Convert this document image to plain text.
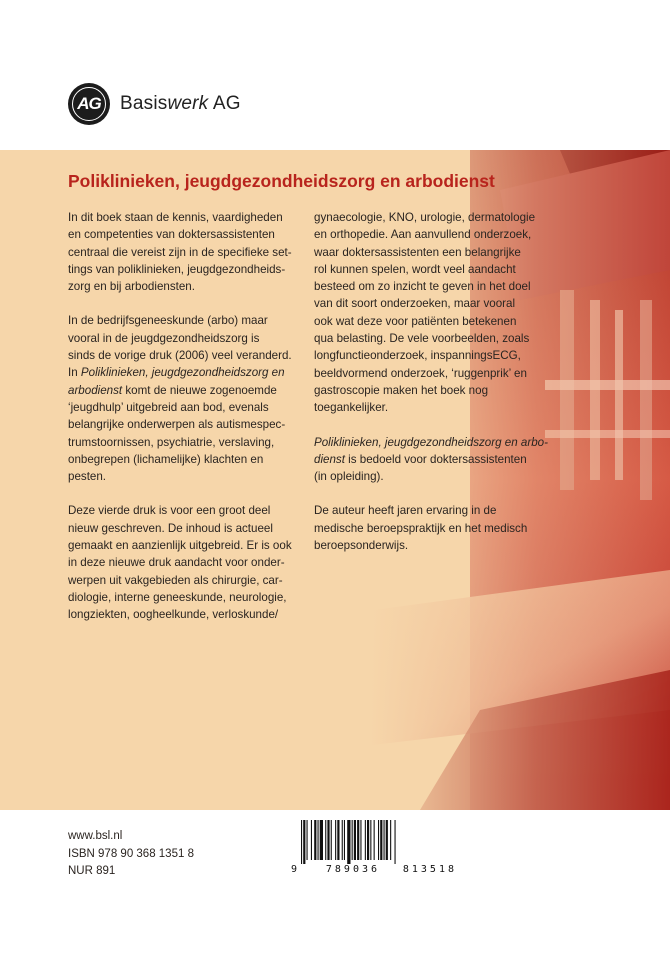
AG	Basiswerk AG
Poliklinieken, jeugdgezondheidszorg en arbodienst

In dit boek staan de kennis, vaardigheden
en competenties van doktersassistenten
centraal die vereist zijn in de specifieke set-
tings van poliklinieken, jeugdgezondheids-
zorg en bij arbodiensten.

In de bedrijfsgeneeskunde (arbo) maar
vooral in de jeugdgezondheidszorg is
sinds de vorige druk (2006) veel veranderd.
In Poliklinieken, jeugdgezondheidszorg en
arbodienst komt de nieuwe zogenoemde
‘jeugdhulp’ uitgebreid aan bod, evenals
belangrijke onderwerpen als autismespec-
trumstoornissen, psychiatrie, verslaving,
onbegrepen (lichamelijke) klachten en
pesten.

Deze vierde druk is voor een groot deel
nieuw geschreven. De inhoud is actueel
gemaakt en aanzienlijk uitgebreid. Er is ook
in deze nieuwe druk aandacht voor onder-
werpen uit vakgebieden als chirurgie, car-
diologie, interne geneeskunde, neurologie,
longziekten, oogheelkunde, verloskunde/

gynaecologie, KNO, urologie, dermatologie
en orthopedie. Aan aanvullend onderzoek,
waar doktersassistenten een belangrijke
rol kunnen spelen, wordt veel aandacht
besteed om zo inzicht te geven in het doel
van dit soort onderzoeken, maar vooral
ook wat deze voor patiënten betekenen
qua belasting. De vele voorbeelden, zoals
longfunctieonderzoek, inspanningsECG,
beeldvormend onderzoek, ‘ruggenprik’ en
gastroscopie maken het boek nog
toegankelijker.

Poliklinieken, jeugdgezondheidszorg en arbo-
dienst is bedoeld voor doktersassistenten
(in opleiding).

De auteur heeft jaren ervaring in de
medische beroepspraktijk en het medisch
beroepsonderwijs.

www.bsl.nl
ISBN 978 90 368 1351 8
NUR 891	9	789036 813518
